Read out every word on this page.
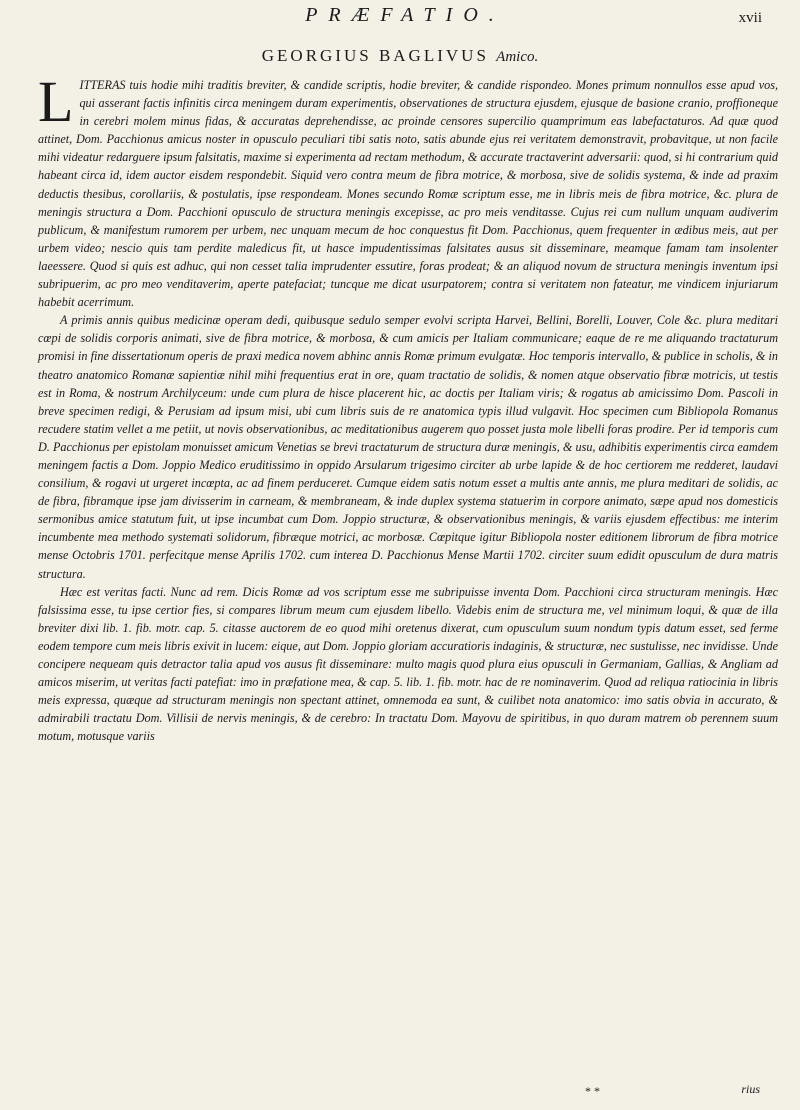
PRÆFATIO.	xvii
GEORGIUS BAGLIVUS Amico.

LITTERAS tuis hodie mihi traditis breviter, & candide scriptis, hodie breviter, & candide rispondeo. Mones primum nonnullos esse apud vos, qui asserant factis infinitis circa meningem duram experimentis, observationes de structura ejusdem, ejusque de basione cranio, proffioneque in cerebri molem minus fidas, & accuratas deprehendisse, ac proinde censores supercilio quamprimum eas labefactaturos. Ad quæ quod attinet, Dom. Pacchionus amicus noster in opusculo peculiari tibi satis noto, satis abunde ejus rei veritatem demonstravit, probavitque, ut non facile mihi videatur redarguere ipsum falsitatis, maxime si experimenta ad rectam methodum, & accurate tractaverint adversarii: quod, si hi contrarium quid habeant circa id, idem auctor eisdem respondebit. Siquid vero contra meum de fibra motrice, & morbosa, sive de solidis systema, & inde ad praxim deductis thesibus, corollariis, & postulatis, ipse respondeam. Mones secundo Romæ scriptum esse, me in libris meis de fibra motrice, &c. plura de meningis structura a Dom. Pacchioni opusculo de structura meningis excepisse, ac pro meis venditasse. Cujus rei cum nullum unquam audiverim publicum, & manifestum rumorem per urbem, nec unquam mecum de hoc conquestus fit Dom. Pacchionus, quem frequenter in ædibus meis, aut per urbem video; nescio quis tam perdite maledicus fit, ut hasce impudentissimas falsitates ausus sit disseminare, meamque famam tam insolenter laeessere. Quod si quis est adhuc, qui non cesset talia imprudenter essutire, foras prodeat; & an aliquod novum de structura meningis inventum ipsi subripuerim, ac pro meo venditaverim, aperte patefaciat; tuncque me dicat usurpatorem; contra si veritatem non fateatur, me vindicem injuriarum habebit acerrimum.

A primis annis quibus medicinæ operam dedi, quibusque sedulo semper evolvi scripta Harvei, Bellini, Borelli, Louver, Cole &c. plura meditari cœpi de solidis corporis animati, sive de fibra motrice, & morbosa, & cum amicis per Italiam communicare; eaque de re me aliquando tractaturum promisi in fine dissertationum operis de praxi medica novem abhinc annis Romæ primum evulgatæ. Hoc temporis intervallo, & publice in scholis, & in theatro anatomico Romanæ sapientiæ nihil mihi frequentius erat in ore, quam tractatio de solidis, & nomen atque observatio fibræ motricis, ut testis est in Roma, & nostrum Archilyceum: unde cum plura de hisce placerent hic, ac doctis per Italiam viris; & rogatus ab amicissimo Dom. Pascoli in breve specimen redigi, & Perusiam ad ipsum misi, ubi cum libris suis de re anatomica typis illud vulgavit. Hoc specimen cum Bibliopola Romanus recudere statim vellet a me petiit, ut novis observationibus, ac meditationibus augerem quo posset justa mole libelli foras prodire. Per id temporis cum D. Pacchionus per epistolam monuisset amicum Venetias se brevi tractaturum de structura duræ meningis, & usu, adhibitis experimentis circa eamdem meningem factis a Dom. Joppio Medico eruditissimo in oppido Arsularum trigesimo circiter ab urbe lapide & de hoc certiorem me redderet, laudavi consilium, & rogavi ut urgeret incœpta, ac ad finem perduceret. Cumque eidem satis notum esset a multis ante annis, me plura meditari de solidis, ac de fibra, fibramque ipse jam divisserim in carneam, & membraneam, & inde duplex systema statuerim in corpore animato, sæpe apud nos domesticis sermonibus amice statutum fuit, ut ipse incumbat cum Dom. Joppio structuræ, & observationibus meningis, & variis ejusdem effectibus: me interim incumbente mea methodo systemati solidorum, fibræque motrici, ac morbosæ. Cœpitque igitur Bibliopola noster editionem librorum de fibra motrice mense Octobris 1701. perfecitque mense Aprilis 1702. cum interea D. Pacchionus Mense Martii 1702. circiter suum edidit opusculum de dura matris structura.

Hæc est veritas facti. Nunc ad rem. Dicis Romæ ad vos scriptum esse me subripuisse inventa Dom. Pacchioni circa structuram meningis. Hæc falsissima esse, tu ipse certior fies, si compares librum meum cum ejusdem libello. Videbis enim de structura me, vel minimum loqui, & quæ de illa breviter dixi lib. 1. fib. motr. cap. 5. citasse auctorem de eo quod mihi oretenus dixerat, cum opusculum suum nondum typis datum esset, sed ferme eodem tempore cum meis libris exivit in lucem: eique, aut Dom. Joppio gloriam accuratioris indaginis, & structuræ, nec sustulisse, nec invidisse. Unde concipere nequeam quis detractor talia apud vos ausus fit disseminare: multo magis quod plura eius opusculi in Germaniam, Gallias, & Angliam ad amicos miserim, ut veritas facti patefiat: imo in præfatione mea, & cap. 5. lib. 1. fib. motr. hac de re nominaverim. Quod ad reliqua ratiocinia in libris meis expressa, quæque ad structuram meningis non spectant attinet, omnemoda ea sunt, & cuilibet nota anatomico: imo satis obvia in accurato, & admirabili tractatu Dom. Villisii de nervis meningis, & de cerebro: In tractatu Dom. Mayovu de spiritibus, in quo duram matrem ob perennem suum motum, motusque variis

* *	rius
